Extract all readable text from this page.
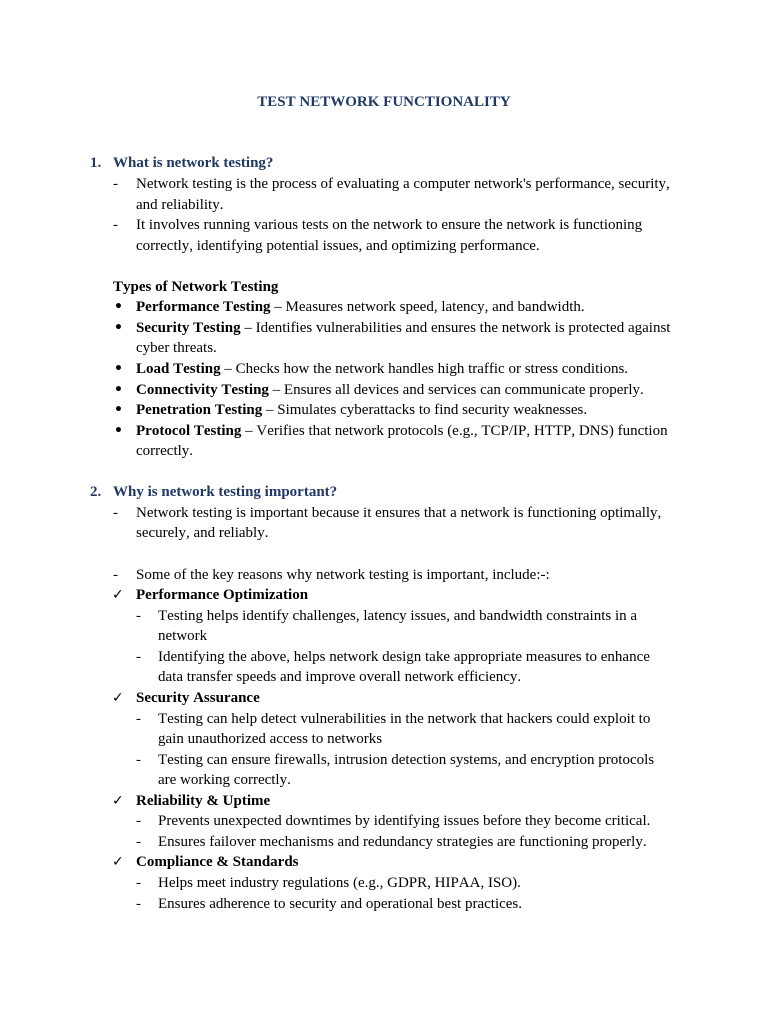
TEST NETWORK FUNCTIONALITY
1. What is network testing?
- Network testing is the process of evaluating a computer network's performance, security, and reliability.
- It involves running various tests on the network to ensure the network is functioning correctly, identifying potential issues, and optimizing performance.
Types of Network Testing
• Performance Testing – Measures network speed, latency, and bandwidth.
• Security Testing – Identifies vulnerabilities and ensures the network is protected against cyber threats.
• Load Testing – Checks how the network handles high traffic or stress conditions.
• Connectivity Testing – Ensures all devices and services can communicate properly.
• Penetration Testing – Simulates cyberattacks to find security weaknesses.
• Protocol Testing – Verifies that network protocols (e.g., TCP/IP, HTTP, DNS) function correctly.
2. Why is network testing important?
- Network testing is important because it ensures that a network is functioning optimally, securely, and reliably.
- Some of the key reasons why network testing is important, include:-:
✓ Performance Optimization
- Testing helps identify challenges, latency issues, and bandwidth constraints in a network
- Identifying the above, helps network design take appropriate measures to enhance data transfer speeds and improve overall network efficiency.
✓ Security Assurance
- Testing can help detect vulnerabilities in the network that hackers could exploit to gain unauthorized access to networks
- Testing can ensure firewalls, intrusion detection systems, and encryption protocols are working correctly.
✓ Reliability & Uptime
- Prevents unexpected downtimes by identifying issues before they become critical.
- Ensures failover mechanisms and redundancy strategies are functioning properly.
✓ Compliance & Standards
- Helps meet industry regulations (e.g., GDPR, HIPAA, ISO).
- Ensures adherence to security and operational best practices.
